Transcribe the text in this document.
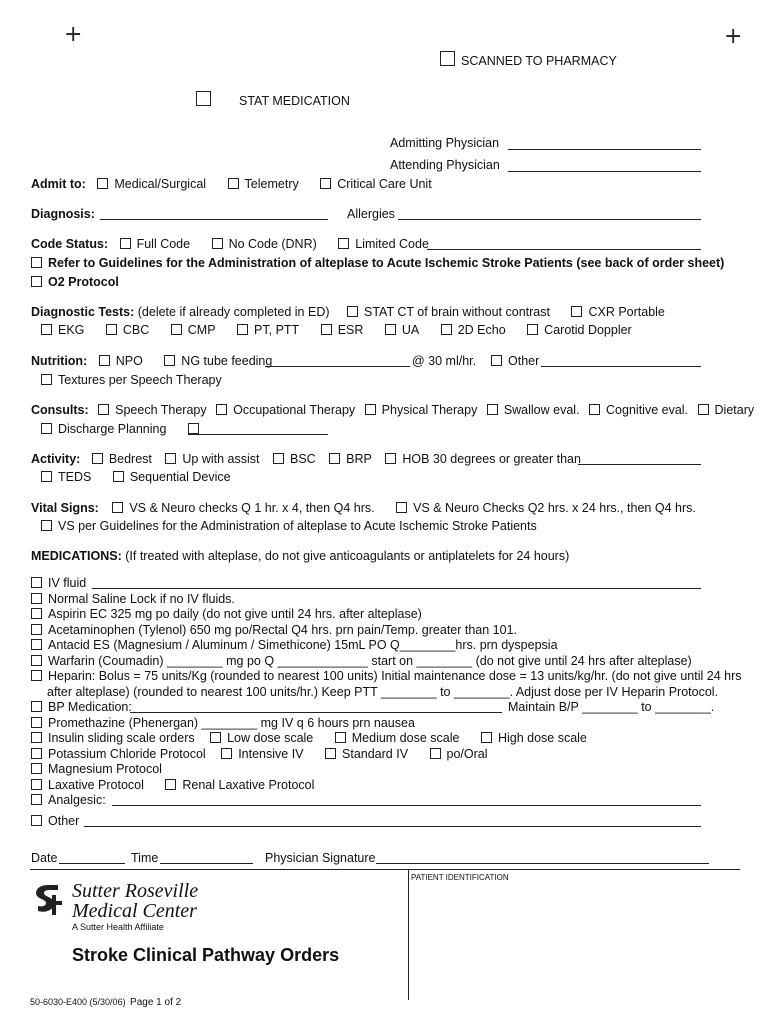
+	+
SCANNED TO PHARMACY
STAT MEDICATION
Admitting Physician
Attending Physician
Admit to: Medical/Surgical	Telemetry	Critical Care Unit
Diagnosis:	Allergies
Code Status: Full Code	No Code (DNR)	Limited Code
Refer to Guidelines for the Administration of alteplase to Acute Ischemic Stroke Patients (see back of order sheet)
O2 Protocol
Diagnostic Tests: (delete if already completed in ED)	STAT CT of brain without contrast	CXR Portable
EKG	CBC	CMP	PT, PTT	ESR	UA	2D Echo	Carotid Doppler
Nutrition: NPO	NG tube feeding	@ 30 ml/hr.	Other
Textures per Speech Therapy
Consults: Speech Therapy Occupational Therapy Physical Therapy Swallow eval. Cognitive eval. Dietary
Discharge Planning
Activity: Bedrest Up with assist BSC BRP HOB 30 degrees or greater than
TEDS	Sequential Device
Vital Signs: VS & Neuro checks Q 1 hr. x 4, then Q4 hrs.	VS & Neuro Checks Q2 hrs. x 24 hrs., then Q4 hrs.
VS per Guidelines for the Administration of alteplase to Acute Ischemic Stroke Patients
MEDICATIONS: (If treated with alteplase, do not give anticoagulants or antiplatelets for 24 hours)
IV fluid
Normal Saline Lock if no IV fluids.
Aspirin EC 325 mg po daily (do not give until 24 hrs. after alteplase)
Acetaminophen (Tylenol) 650 mg po/Rectal Q4 hrs. prn pain/Temp. greater than 101.
Antacid ES (Magnesium / Aluminum / Simethicone) 15mL PO Q________hrs. prn dyspepsia
Warfarin (Coumadin) ________ mg po Q _____________ start on ________ (do not give until 24 hrs after alteplase)
Heparin: Bolus = 75 units/Kg (rounded to nearest 100 units) Initial maintenance dose = 13 units/kg/hr. (do not give until 24 hrs
after alteplase) (rounded to nearest 100 units/hr.) Keep PTT ________ to ________. Adjust dose per IV Heparin Protocol.
BP Medication:	Maintain B/P ________ to ________.
Promethazine (Phenergan) ________ mg IV q 6 hours prn nausea
Insulin sliding scale orders	Low dose scale	Medium dose scale	High dose scale
Potassium Chloride Protocol	Intensive IV	Standard IV	po/Oral
Magnesium Protocol
Laxative Protocol	Renal Laxative Protocol
Analgesic:
Other
Date	Time	Physician Signature
PATIENT IDENTIFICATION
Sutter Roseville
Medical Center
A Sutter Health Affiliate
Stroke Clinical Pathway Orders
50-6030-E400 (5/30/06) Page 1 of 2
